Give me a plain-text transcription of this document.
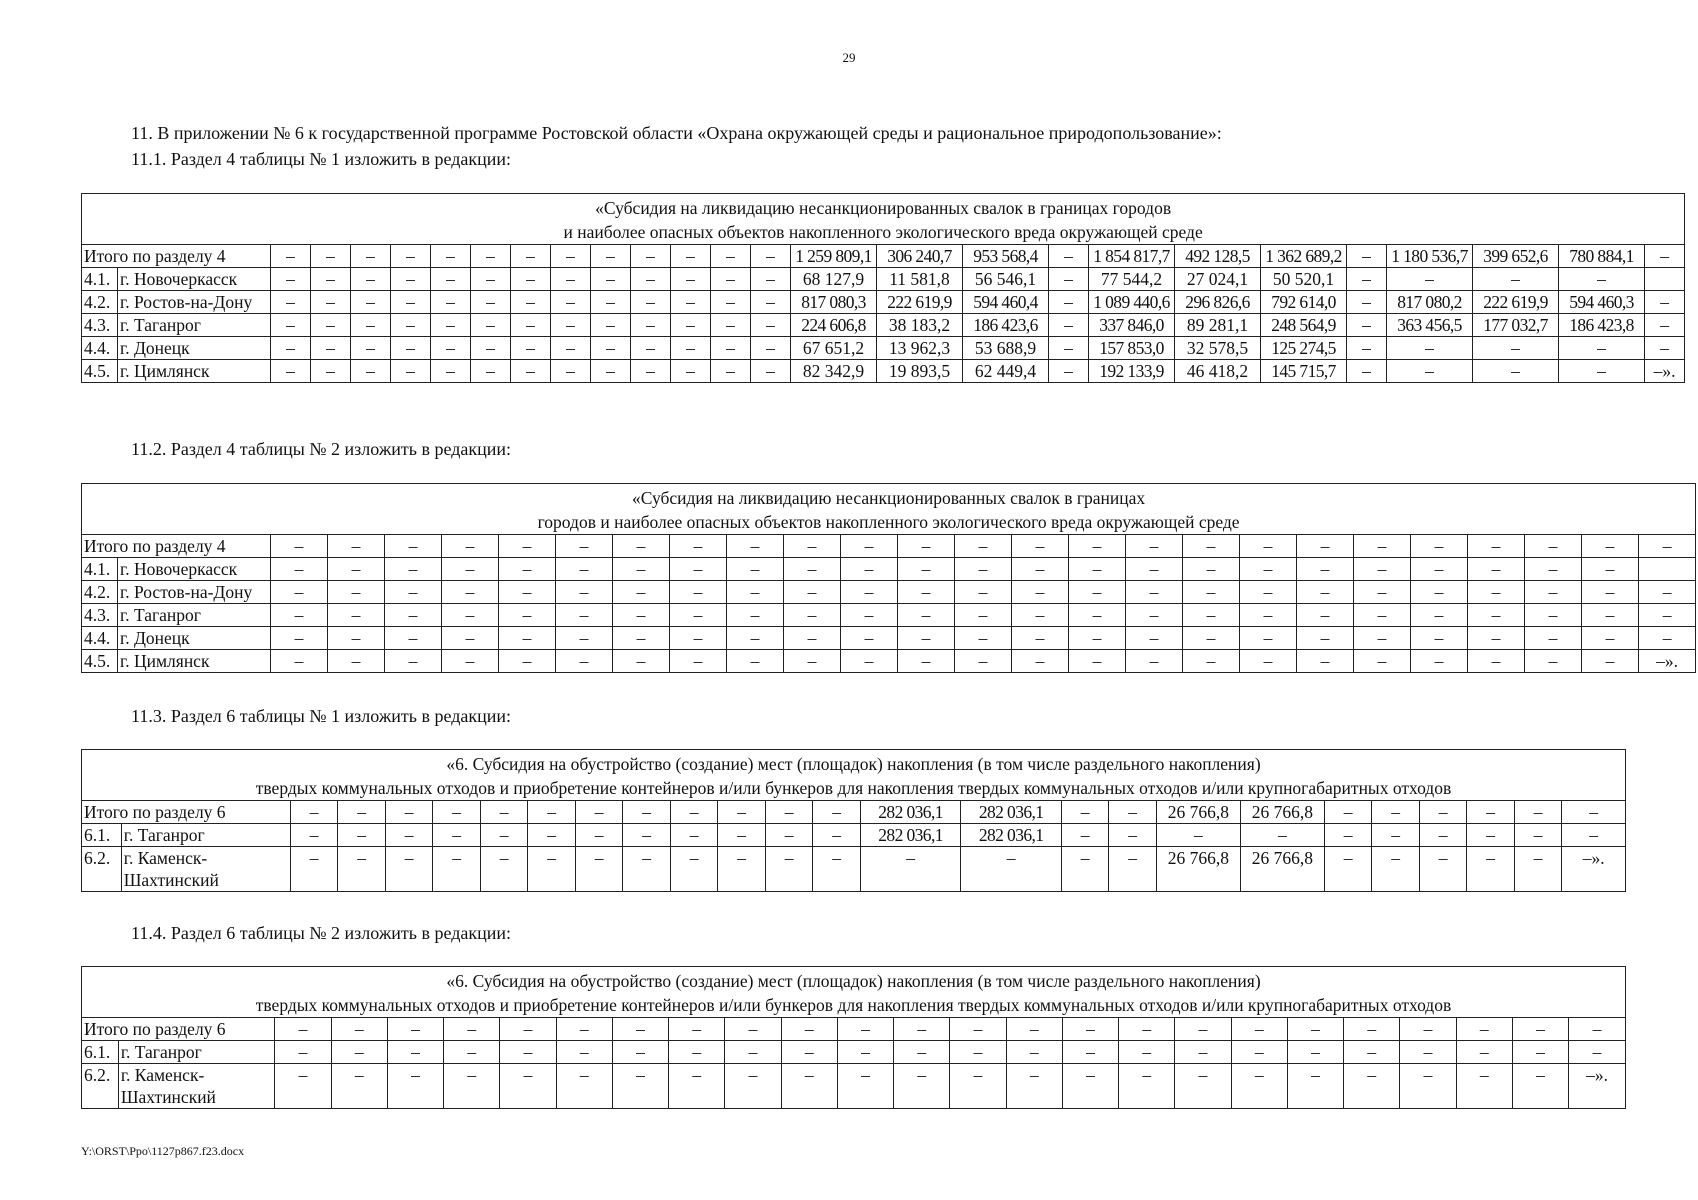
29
11. В приложении № 6 к государственной программе Ростовской области «Охрана окружающей среды и рациональное природопользование»:
11.1. Раздел 4 таблицы № 1 изложить в редакции:
«Субсидия на ликвидацию несанкционированных свалок в границах городов
и наиболее опасных объектов накопленного экологического вреда окружающей среде																										

Итого по разделу 4		–	–	–	–	–	–	–	–	–	–	–	–	–	1 259 809,1	306 240,7	953 568,4	–	1 854 817,7	492 128,5	1 362 689,2	–	1 180 536,7	399 652,6	780 884,1	–
4.1.	г. Новочеркасск	–	–	–	–	–	–	–	–	–	–	–	–	–	68 127,9	11 581,8	56 546,1	–	77 544,2	27 024,1	50 520,1	–	–	–	–	
4.2.	г. Ростов-на-Дону	–	–	–	–	–	–	–	–	–	–	–	–	–	817 080,3	222 619,9	594 460,4	–	1 089 440,6	296 826,6	792 614,0	–	817 080,2	222 619,9	594 460,3	–
4.3.	г. Таганрог	–	–	–	–	–	–	–	–	–	–	–	–	–	224 606,8	38 183,2	186 423,6	–	337 846,0	89 281,1	248 564,9	–	363 456,5	177 032,7	186 423,8	–
4.4.	г. Донецк	–	–	–	–	–	–	–	–	–	–	–	–	–	67 651,2	13 962,3	53 688,9	–	157 853,0	32 578,5	125 274,5	–	–	–	–	–
4.5.	г. Цимлянск	–	–	–	–	–	–	–	–	–	–	–	–	–	82 342,9	19 893,5	62 449,4	–	192 133,9	46 418,2	145 715,7	–	–	–	–	–».
11.2. Раздел 4 таблицы № 2 изложить в редакции:
«Субсидия на ликвидацию несанкционированных свалок в границах
городов и наиболее опасных объектов накопленного экологического вреда окружающей среде																										

Итого по разделу 4		–	–	–	–	–	–	–	–	–	–	–	–	–	–	–	–	–	–	–	–	–	–	–	–	–
4.1.	г. Новочеркасск	–	–	–	–	–	–	–	–	–	–	–	–	–	–	–	–	–	–	–	–	–	–	–	–	
4.2.	г. Ростов-на-Дону	–	–	–	–	–	–	–	–	–	–	–	–	–	–	–	–	–	–	–	–	–	–	–	–	–
4.3.	г. Таганрог	–	–	–	–	–	–	–	–	–	–	–	–	–	–	–	–	–	–	–	–	–	–	–	–	–
4.4.	г. Донецк	–	–	–	–	–	–	–	–	–	–	–	–	–	–	–	–	–	–	–	–	–	–	–	–	–
4.5.	г. Цимлянск	–	–	–	–	–	–	–	–	–	–	–	–	–	–	–	–	–	–	–	–	–	–	–	–	–».
11.3. Раздел 6 таблицы № 1 изложить в редакции:
«6. Субсидия на обустройство (создание) мест (площадок) накопления (в том числе раздельного накопления)
твердых коммунальных отходов и приобретение контейнеров и/или бункеров для накопления твердых коммунальных отходов и/или крупногабаритных отходов																									

Итого по разделу 6		–	–	–	–	–	–	–	–	–	–	–	–	282 036,1	282 036,1	–	–	26 766,8	26 766,8	–	–	–	–	–	–
6.1.	г. Таганрог	–	–	–	–	–	–	–	–	–	–	–	–	282 036,1	282 036,1	–	–	–	–	–	–	–	–	–	–
6.2.	г. Каменск-Шахтинский	–	–	–	–	–	–	–	–	–	–	–	–	–	–	–	–	26 766,8	26 766,8	–	–	–	–	–	–».
11.4. Раздел 6 таблицы № 2 изложить в редакции:
«6. Субсидия на обустройство (создание) мест (площадок) накопления (в том числе раздельного накопления)
твердых коммунальных отходов и приобретение контейнеров и/или бункеров для накопления твердых коммунальных отходов и/или крупногабаритных отходов																									

Итого по разделу 6		–	–	–	–	–	–	–	–	–	–	–	–	–	–	–	–	–	–	–	–	–	–	–	–
6.1.	г. Таганрог	–	–	–	–	–	–	–	–	–	–	–	–	–	–	–	–	–	–	–	–	–	–	–	–
6.2.	г. Каменск-Шахтинский	–	–	–	–	–	–	–	–	–	–	–	–	–	–	–	–	–	–	–	–	–	–	–	–».
Y:\ORST\Ppo\1127p867.f23.docx
